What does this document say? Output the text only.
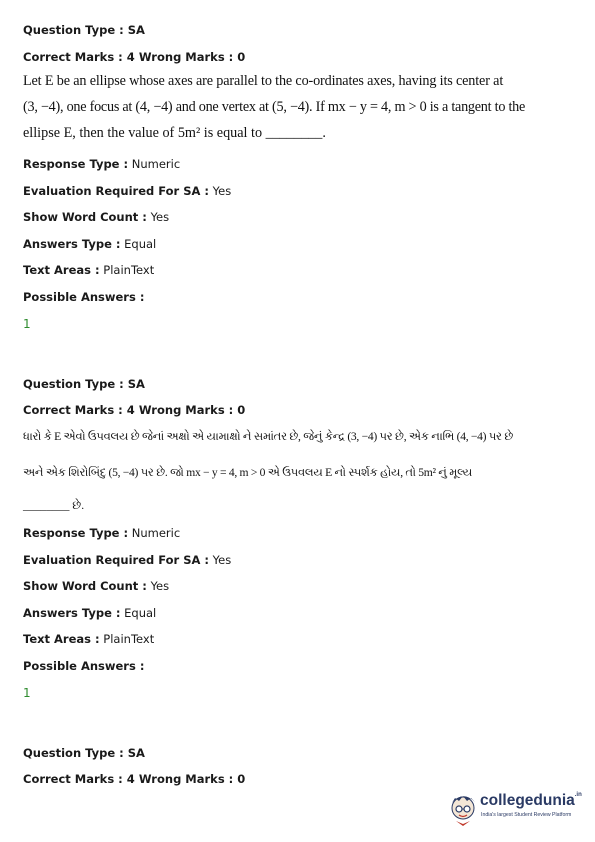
Question Type : SA
Correct Marks : 4 Wrong Marks : 0
Let E be an ellipse whose axes are parallel to the co-ordinates axes, having its center at
(3, −4), one focus at (4, −4) and one vertex at (5, −4). If mx − y = 4, m > 0 is a tangent to the
ellipse E, then the value of 5m² is equal to ________.
Response Type : Numeric
Evaluation Required For SA : Yes
Show Word Count : Yes
Answers Type : Equal
Text Areas : PlainText
Possible Answers :
1
Question Type : SA
Correct Marks : 4 Wrong Marks : 0
ધારો કે E એવો ઉપવલય છે જેનાં અક્ષો એ યામાક્ષો ને સમાંતર છે, જેનું કેન્દ્ર (3, −4) પર છે, એક નાભિ (4, −4) પર છે
અને એક શિરોબિંદુ (5, −4) પર છે. જો mx − y = 4, m > 0 એ ઉપવલય E નો સ્પર્શક હોય, તો 5m² નું મૂલ્ય
________ છે.
Response Type : Numeric
Evaluation Required For SA : Yes
Show Word Count : Yes
Answers Type : Equal
Text Areas : PlainText
Possible Answers :
1
Question Type : SA
Correct Marks : 4 Wrong Marks : 0
collegedunia$^{.in}$
India's largest Student Review Platform
